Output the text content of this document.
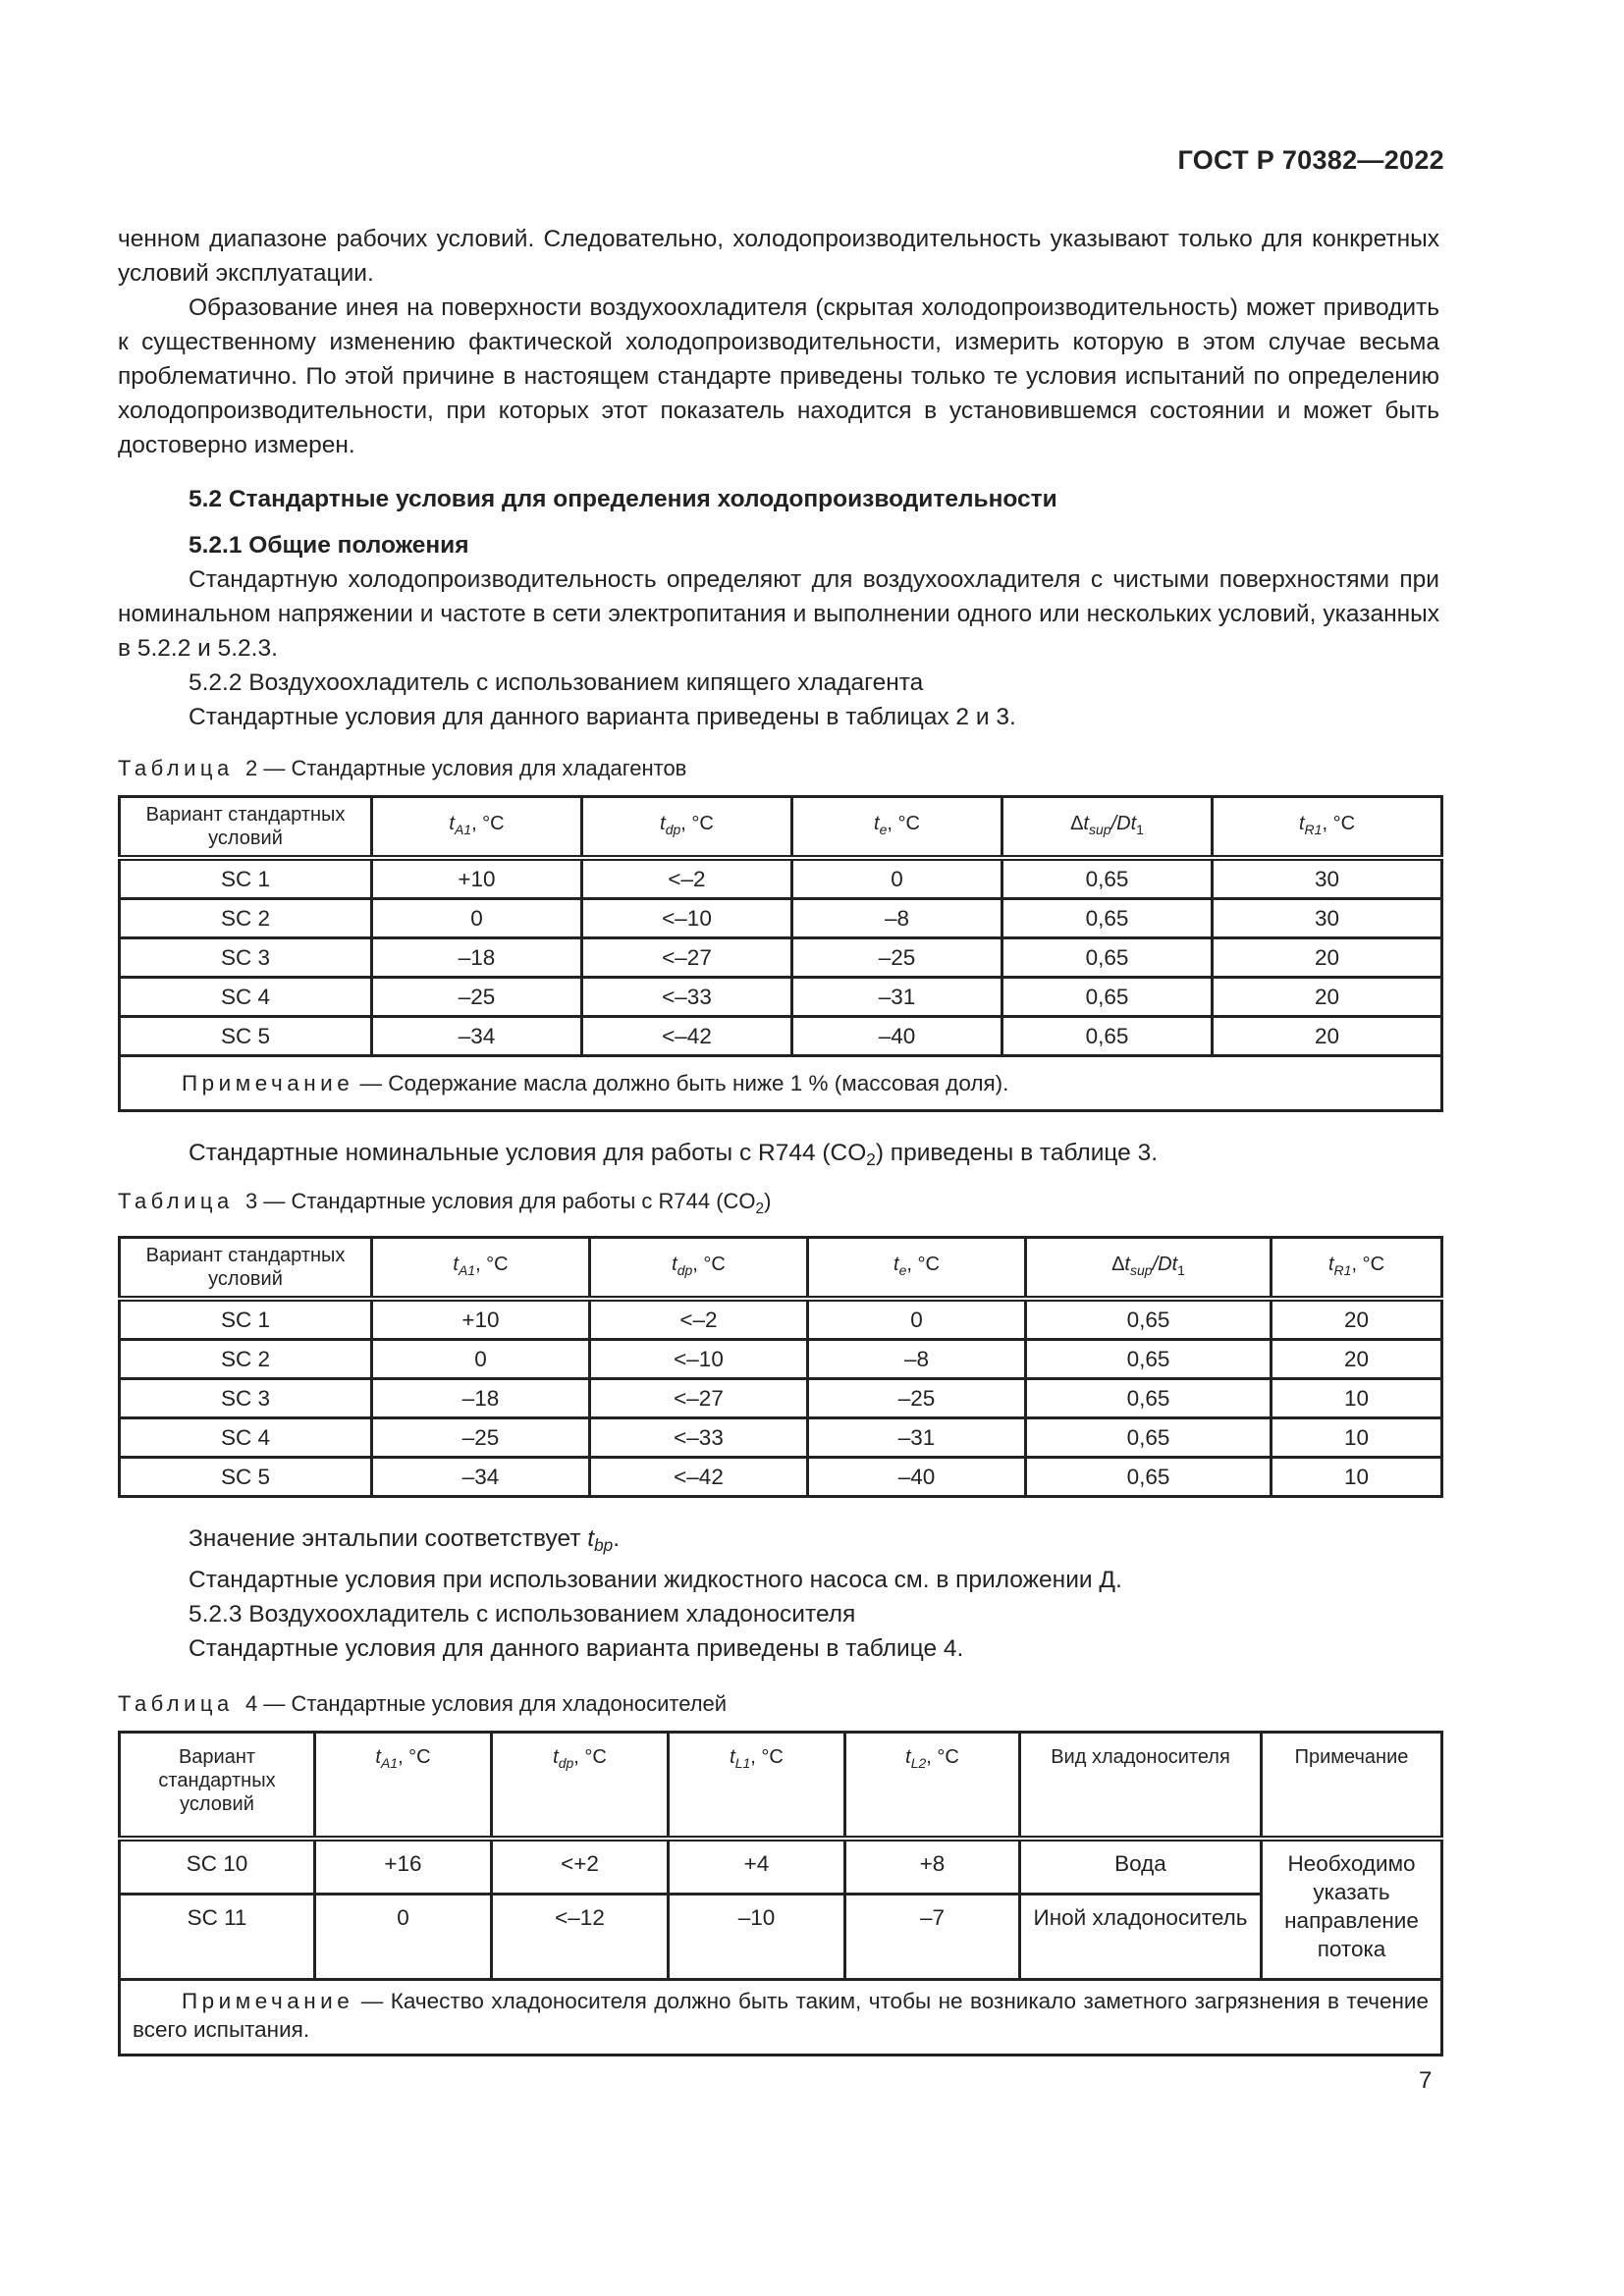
ГОСТ Р 70382—2022

ченном диапазоне рабочих условий. Следовательно, холодопроизводительность указывают только для конкретных условий эксплуатации.

Образование инея на поверхности воздухоохладителя (скрытая холодопроизводительность) может приводить к существенному изменению фактической холодопроизводительности, измерить которую в этом случае весьма проблематично. По этой причине в настоящем стандарте приведены только те условия испытаний по определению холодопроизводительности, при которых этот показатель находится в установившемся состоянии и может быть достоверно измерен.

5.2 Стандартные условия для определения холодопроизводительности

5.2.1 Общие положения

Стандартную холодопроизводительность определяют для воздухоохладителя с чистыми поверхностями при номинальном напряжении и частоте в сети электропитания и выполнении одного или нескольких условий, указанных в 5.2.2 и 5.2.3.

5.2.2 Воздухоохладитель с использованием кипящего хладагента

Стандартные условия для данного варианта приведены в таблицах 2 и 3.

Таблица 2 — Стандартные условия для хладагентов

Вариант стандартных условий	$t_{A1}$, °C	$t_{dp}$, °C	$t_e$, °C	$\Delta t_{sup}/Dt_1$	$t_{R1}$, °C
SC 1	+10	<–2	0	0,65	30
SC 2	0	<–10	–8	0,65	30
SC 3	–18	<–27	–25	0,65	20
SC 4	–25	<–33	–31	0,65	20
SC 5	–34	<–42	–40	0,65	20
Примечание — Содержание масла должно быть ниже 1 % (массовая доля).					

Стандартные номинальные условия для работы с R744 $(CO_2)$ приведены в таблице 3.

Таблица 3 — Стандартные условия для работы с R744 $(CO_2)$

Вариант стандартных условий	$t_{A1}$, °C	$t_{dp}$, °C	$t_e$, °C	$\Delta t_{sup}/Dt_1$	$t_{R1}$, °C
SC 1	+10	<–2	0	0,65	20
SC 2	0	<–10	–8	0,65	20
SC 3	–18	<–27	–25	0,65	10
SC 4	–25	<–33	–31	0,65	10
SC 5	–34	<–42	–40	0,65	10

Значение энтальпии соответствует $t_{bp}$.

Стандартные условия при использовании жидкостного насоса см. в приложении Д.

5.2.3 Воздухоохладитель с использованием хладоносителя

Стандартные условия для данного варианта приведены в таблице 4.

Таблица 4 — Стандартные условия для хладоносителей

Вариант стандартных условий	$t_{A1}$, °C	$t_{dp}$, °C	$t_{L1}$, °C	$t_{L2}$, °C	Вид хладоносителя	Примечание
SC 10	+16	<+2	+4	+8	Вода	Необходимо указать направление потока
SC 11	0	<–12	–10	–7	Иной хладоноситель	
Примечание — Качество хладоносителя должно быть таким, чтобы не возникало заметного загрязнения в течение всего испытания.						
7
